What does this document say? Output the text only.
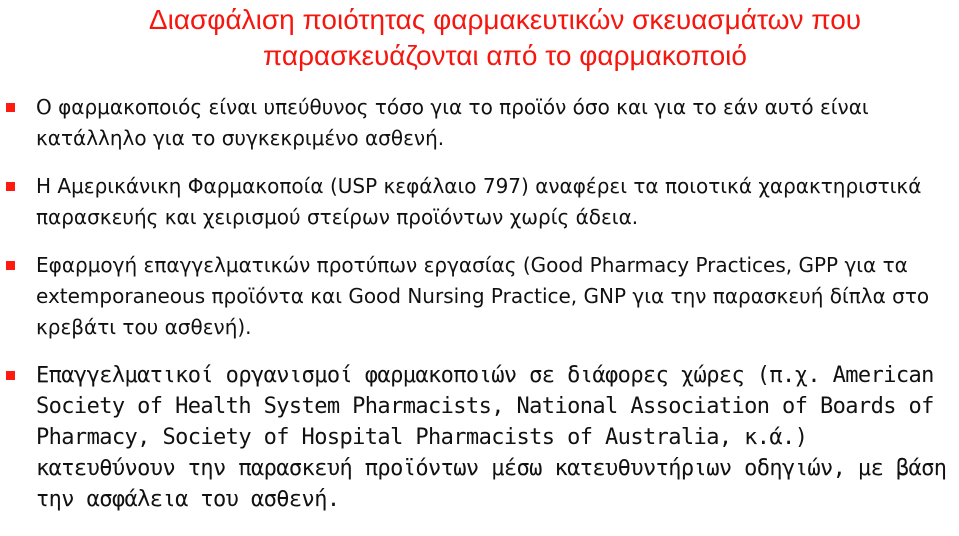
Διασφάλιση ποιότητας φαρμακευτικών σκευασμάτων που
παρασκευάζονται από το φαρμακοποιό
Ο φαρμακοποιός είναι υπεύθυνος τόσο για το προϊόν όσο και για το εάν αυτό είναι κατάλληλο για το συγκεκριμένο ασθενή.
Η Αμερικάνικη Φαρμακοποία (USP κεφάλαιο 797) αναφέρει τα ποιοτικά χαρακτηριστικά παρασκευής και χειρισμού στείρων προϊόντων χωρίς άδεια.
Εφαρμογή επαγγελματικών προτύπων εργασίας (Good Pharmacy Practices, GPP για τα extemporaneous προϊόντα και Good Nursing Practice, GNP για την παρασκευή δίπλα στο κρεβάτι του ασθενή).
Επαγγελματικοί οργανισμοί φαρμακοποιών σε διάφορες χώρες (π.χ. American Society of Health System Pharmacists, National Association of Boards of Pharmacy, Society of Hospital Pharmacists of Australia, κ.ά.) κατευθύνουν την παρασκευή προϊόντων μέσω κατευθυντήριων οδηγιών, με βάση την ασφάλεια του ασθενή.
